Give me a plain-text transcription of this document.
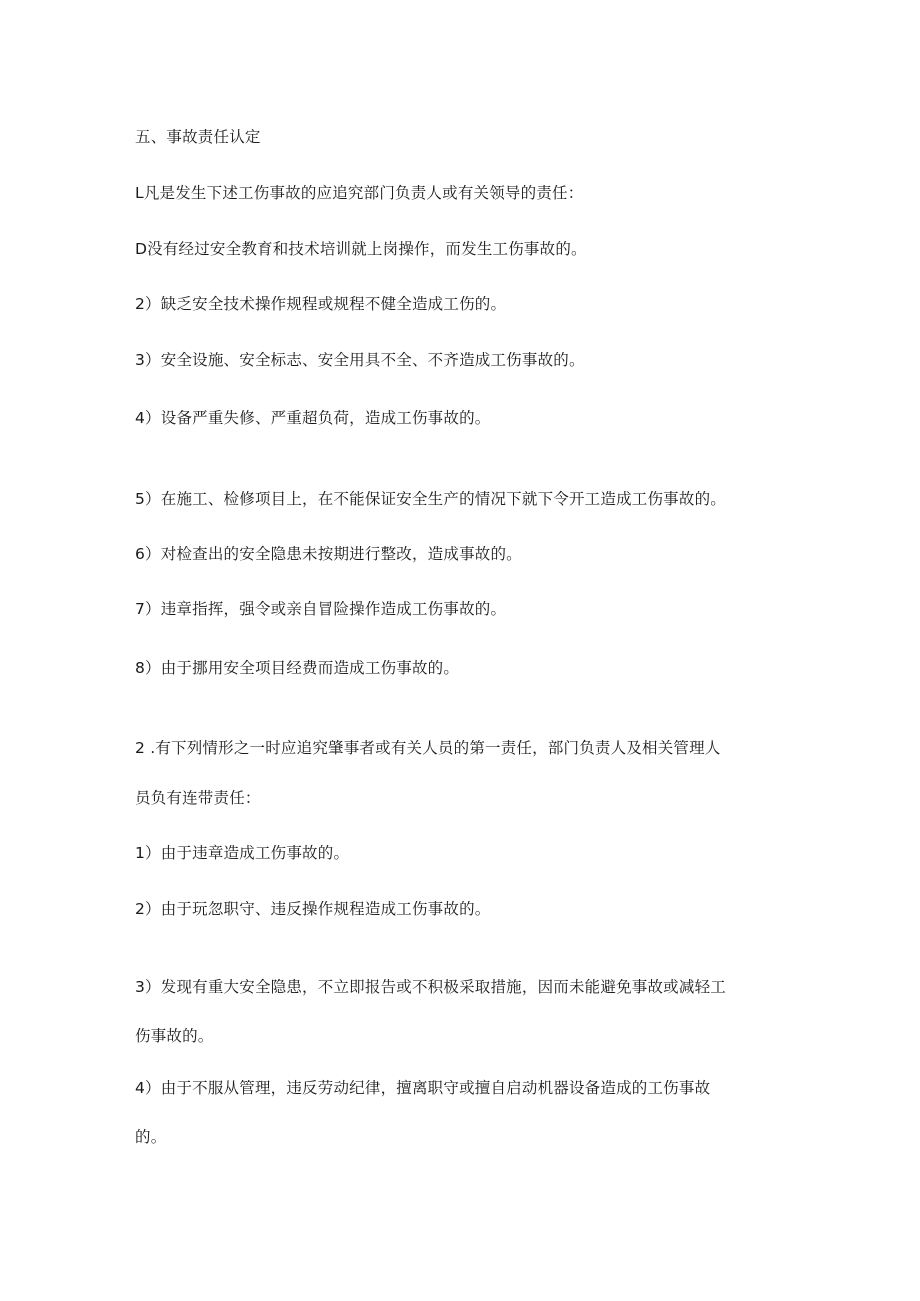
五、事故责任认定
L凡是发生下述工伤事故的应追究部门负责人或有关领导的责任：
D没有经过安全教育和技术培训就上岗操作，而发生工伤事故的。
2）缺乏安全技术操作规程或规程不健全造成工伤的。
3）安全设施、安全标志、安全用具不全、不齐造成工伤事故的。
4）设备严重失修、严重超负荷，造成工伤事故的。
5）在施工、检修项目上，在不能保证安全生产的情况下就下令开工造成工伤事故的。
6）对检查出的安全隐患未按期进行整改，造成事故的。
7）违章指挥，强令或亲自冒险操作造成工伤事故的。
8）由于挪用安全项目经费而造成工伤事故的。
2 .有下列情形之一时应追究肇事者或有关人员的第一责任，部门负责人及相关管理人
员负有连带责任：
1）由于违章造成工伤事故的。
2）由于玩忽职守、违反操作规程造成工伤事故的。
3）发现有重大安全隐患，不立即报告或不积极采取措施，因而未能避免事故或减轻工
伤事故的。
4）由于不服从管理，违反劳动纪律，擅离职守或擅自启动机器设备造成的工伤事故
的。
